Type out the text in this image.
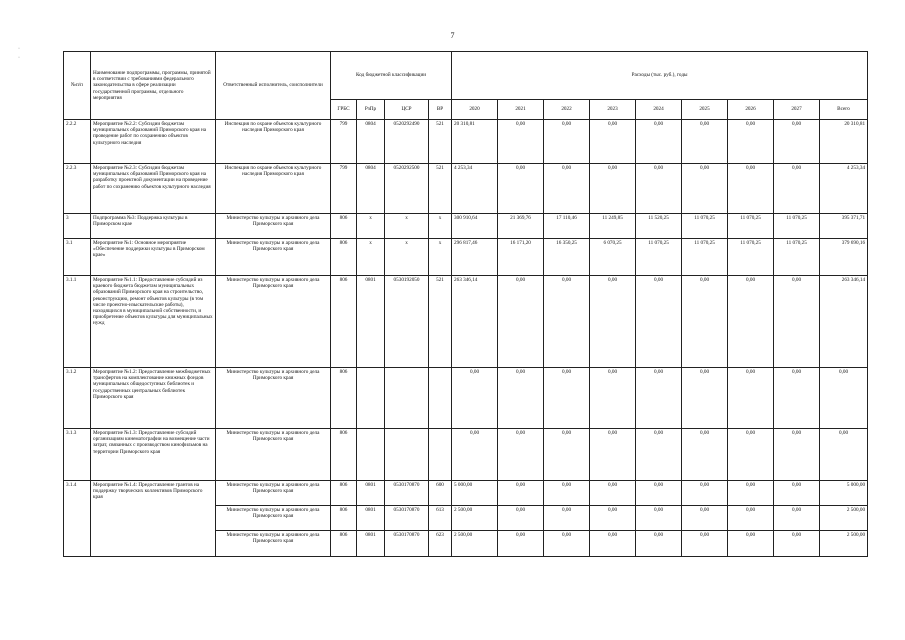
7
·
·
№п/п	Наименование подпрограммы, программы, принятой в соответствии с требованиями федерального законодательства в сфере реализации государственной программы, отдельного мероприятия	Ответственный исполнитель, соисполнители	Код бюджетной классификации				Расходы (тыс. руб.), годы								
			ГРБС	РзПр	ЦСР	ВР	2020	2021	2022	2023	2024	2025	2026	2027	Всего
2.2.2	Мероприятие №2.2: Субсидии бюджетам муниципальных образований Приморского края на проведение работ по сохранению объектов культурного наследия	Инспекция по охране объектов культурного наследия Приморского края	799	0804	0520292490	521	20 310,81	0,00	0,00	0,00	0,00	0,00	0,00	0,00	20 310,81
2.2.3	Мероприятие №2.3: Субсидии бюджетам муниципальных образований Приморского края на разработку проектной документации на проведение работ по сохранению объектов культурного наследия	Инспекция по охране объектов культурного наследия Приморского края	799	0804	0520292500	521	4 253,34	0,00	0,00	0,00	0,00	0,00	0,00	0,00	4 253,34
3	Подпрограмма №3: Поддержка культуры в Приморском крае	Министерство культуры и архивного дела Приморского края	806	x	x	x	300 910,64	21 369,76	17 110,46	11 249,85	11 520,25	11 070,25	11 070,25	11 070,25	395 371,71
3.1	Мероприятие №1: Основное мероприятие «Обеспечение поддержки культуры в Приморском крае»	Министерство культуры и архивного дела Приморского края	806	x	x	x	296 817,46	16 171,20	16 350,25	6 070,25	11 070,25	11 070,25	11 070,25	11 070,25	379 690,16
3.1.1	Мероприятие №1.1: Предоставление субсидий из краевого бюджета бюджетам муниципальных образований Приморского края на строительство, реконструкцию, ремонт объектов культуры (в том числе проектно-изыскательские работы), находящихся в муниципальной собственности, и приобретение объектов культуры для муниципальных нужд	Министерство культуры и архивного дела Приморского края	806	0801	0530192050	521	263 346,14	0,00	0,00	0,00	0,00	0,00	0,00	0,00	263 346,14
3.1.2	Мероприятие №1.2: Предоставление межбюджетных трансфертов на комплектование книжных фондов муниципальных общедоступных библиотек и государственных центральных библиотек Приморского края	Министерство культуры и архивного дела Приморского края	806				0,00	0,00	0,00	0,00	0,00	0,00	0,00	0,00	0,00
3.1.3	Мероприятие №1.3: Предоставление субсидий организациям кинематографии на возмещение части затрат, связанных с производством кинофильмов на территории Приморского края	Министерство культуры и архивного дела Приморского края	806				0,00	0,00	0,00	0,00	0,00	0,00	0,00	0,00	0,00
3.1.4	Мероприятие №1.4: Предоставление грантов на поддержку творческих коллективов Приморского края	Министерство культуры и архивного дела Приморского края	806	0801	0530170870	600	5 000,00	0,00	0,00	0,00	0,00	0,00	0,00	0,00	5 000,00
		Министерство культуры и архивного дела Приморского края	806	0801	0530170870	613	2 500,00	0,00	0,00	0,00	0,00	0,00	0,00	0,00	2 500,00
		Министерство культуры и архивного дела Приморского края	806	0801	0530170870	623	2 500,00	0,00	0,00	0,00	0,00	0,00	0,00	0,00	2 500,00
